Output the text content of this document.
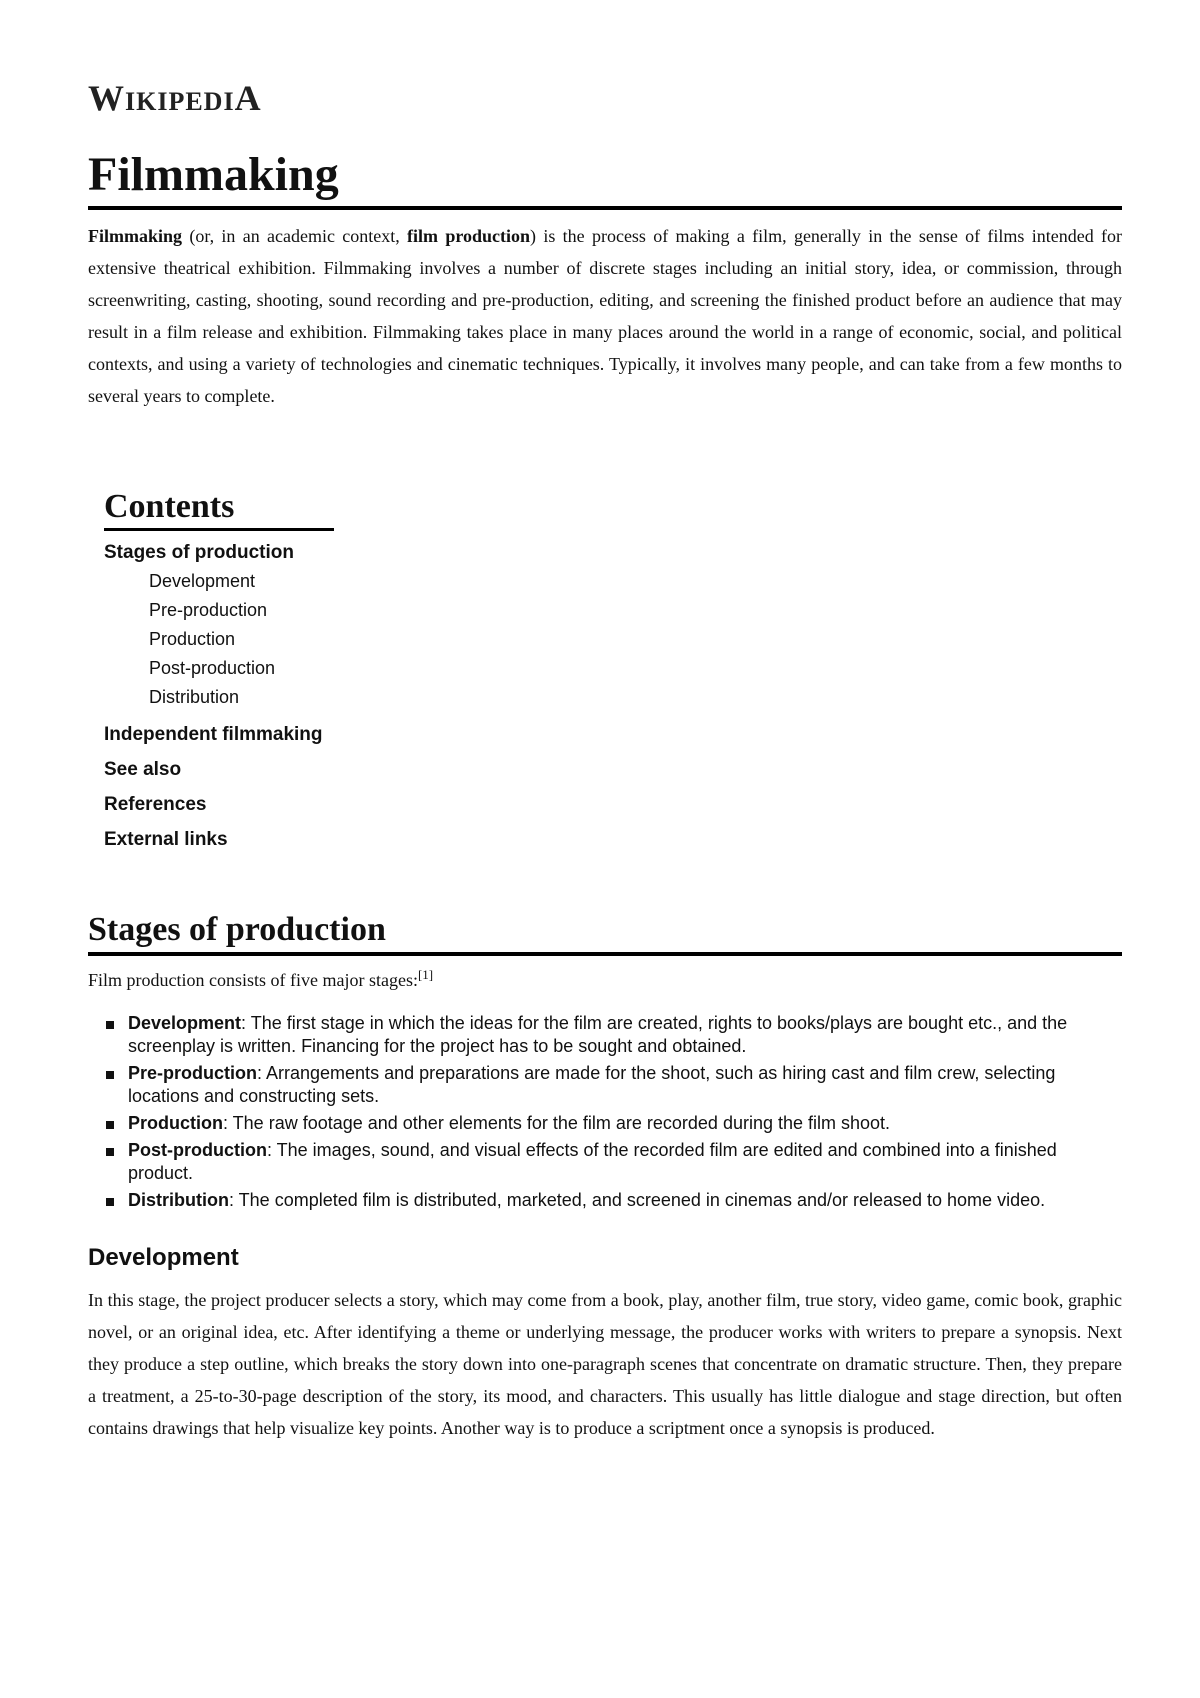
WIKIPEDIA
Filmmaking

Filmmaking (or, in an academic context, film production) is the process of making a film, generally in the sense of films intended for extensive theatrical exhibition. Filmmaking involves a number of discrete stages including an initial story, idea, or commission, through screenwriting, casting, shooting, sound recording and pre-production, editing, and screening the finished product before an audience that may result in a film release and exhibition. Filmmaking takes place in many places around the world in a range of economic, social, and political contexts, and using a variety of technologies and cinematic techniques. Typically, it involves many people, and can take from a few months to several years to complete.

Contents
Stages of production
Development
Pre-production
Production
Post-production
Distribution
Independent filmmaking
See also
References
External links
Stages of production

Film production consists of five major stages:[1]

Development: The first stage in which the ideas for the film are created, rights to books/plays are bought etc., and the screenplay is written. Financing for the project has to be sought and obtained.
Pre-production: Arrangements and preparations are made for the shoot, such as hiring cast and film crew, selecting locations and constructing sets.
Production: The raw footage and other elements for the film are recorded during the film shoot.
Post-production: The images, sound, and visual effects of the recorded film are edited and combined into a finished product.
Distribution: The completed film is distributed, marketed, and screened in cinemas and/or released to home video.
Development

In this stage, the project producer selects a story, which may come from a book, play, another film, true story, video game, comic book, graphic novel, or an original idea, etc. After identifying a theme or underlying message, the producer works with writers to prepare a synopsis. Next they produce a step outline, which breaks the story down into one-paragraph scenes that concentrate on dramatic structure. Then, they prepare a treatment, a 25-to-30-page description of the story, its mood, and characters. This usually has little dialogue and stage direction, but often contains drawings that help visualize key points. Another way is to produce a scriptment once a synopsis is produced.
